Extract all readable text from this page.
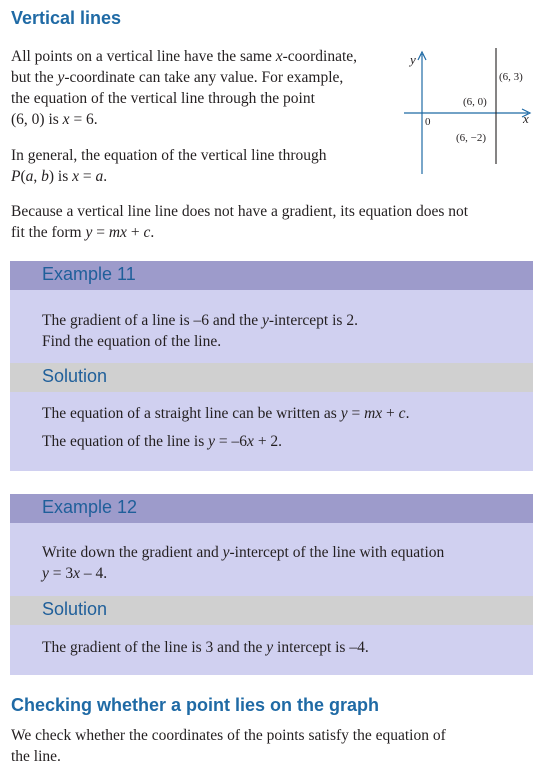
Vertical lines
All points on a vertical line have the same x-coordinate,
but the y-coordinate can take any value. For example,
the equation of the vertical line through the point
(6, 0) is x = 6.
In general, the equation of the vertical line through
P(a, b) is x = a.
y
x
0
(6, 3)
(6, 0)
(6, −2)
Because a vertical line line does not have a gradient, its equation does not
fit the form y = mx + c.
Example 11
The gradient of a line is –6 and the y-intercept is 2.
Find the equation of the line.
Solution
The equation of a straight line can be written as y = mx + c.
The equation of the line is y = –6x + 2.
Example 12
Write down the gradient and y-intercept of the line with equation
y = 3x – 4.
Solution
The gradient of the line is 3 and the y intercept is –4.
Checking whether a point lies on the graph
We check whether the coordinates of the points satisfy the equation of
the line.
